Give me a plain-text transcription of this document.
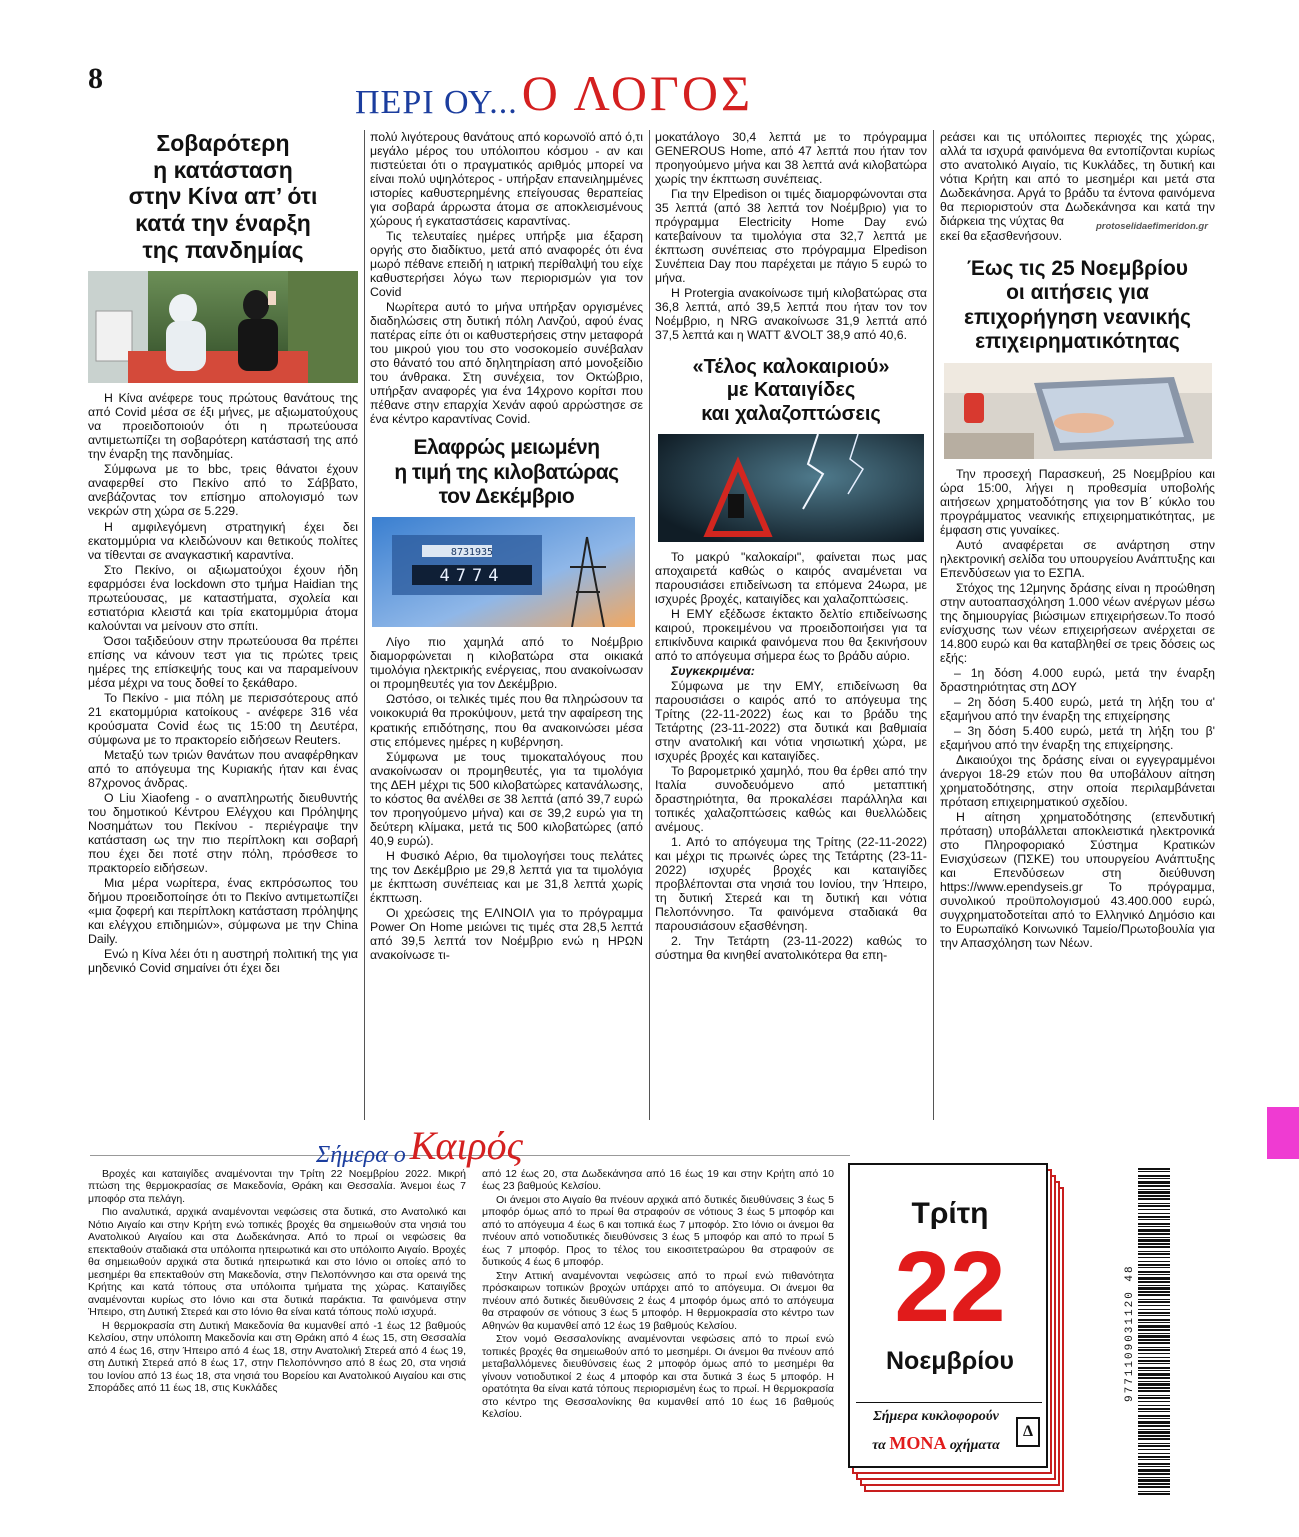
8
ΠΕΡΙ ΟΥ... Ο ΛΟΓΟΣ
protoselidaefimeridon.gr
Σοβαρότερη
η κατάσταση
στην Κίνα απ’ ότι
κατά την έναρξη
της πανδημίας

Η Κίνα ανέφερε τους πρώτους θανάτους της από Covid μέσα σε έξι μήνες, με αξιωματούχους να προειδοποιούν ότι η πρωτεύουσα αντιμετωπίζει τη σοβαρότερη κατάστασή της από την έναρξη της πανδημίας.

Σύμφωνα με το bbc, τρεις θάνατοι έχουν αναφερθεί στο Πεκίνο από το Σάββατο, ανεβάζοντας τον επίσημο απολογισμό των νεκρών στη χώρα σε 5.229.

Η αμφιλεγόμενη στρατηγική έχει δει εκατομμύρια να κλειδώνουν και θετικούς πολίτες να τίθενται σε αναγκαστική καραντίνα.

Στο Πεκίνο, οι αξιωματούχοι έχουν ήδη εφαρμόσει ένα lockdown στο τμήμα Haidian της πρωτεύουσας, με καταστήματα, σχολεία και εστιατόρια κλειστά και τρία εκατομμύρια άτομα καλούνται να μείνουν στο σπίτι.

Όσοι ταξιδεύουν στην πρωτεύουσα θα πρέπει επίσης να κάνουν τεστ για τις πρώτες τρεις ημέρες της επίσκεψής τους και να παραμείνουν μέσα μέχρι να τους δοθεί το ξεκάθαρο.

Το Πεκίνο - μια πόλη με περισσότερους από 21 εκατομμύρια κατοίκους - ανέφερε 316 νέα κρούσματα Covid έως τις 15:00 τη Δευτέρα, σύμφωνα με το πρακτορείο ειδήσεων Reuters.

Μεταξύ των τριών θανάτων που αναφέρθηκαν από το απόγευμα της Κυριακής ήταν και ένας 87χρονος άνδρας.

Ο Liu Xiaofeng - ο αναπληρωτής διευθυντής του δημοτικού Κέντρου Ελέγχου και Πρόληψης Νοσημάτων του Πεκίνου - περιέγραψε την κατάσταση ως την πιο περίπλοκη και σοβαρή που έχει δει ποτέ στην πόλη, πρόσθεσε το πρακτορείο ειδήσεων.

Μια μέρα νωρίτερα, ένας εκπρόσωπος του δήμου προειδοποίησε ότι το Πεκίνο αντιμετωπίζει «μια ζοφερή και περίπλοκη κατάσταση πρόληψης και ελέγχου επιδημιών», σύμφωνα με την China Daily.

Ενώ η Κίνα λέει ότι η αυστηρή πολιτική της για μηδενικό Covid σημαίνει ότι έχει δει

πολύ λιγότερους θανάτους από κορωνοϊό από ό,τι μεγάλο μέρος του υπόλοιπου κόσμου - αν και πιστεύεται ότι ο πραγματικός αριθμός μπορεί να είναι πολύ υψηλότερος - υπήρξαν επανειλημμένες ιστορίες καθυστερημένης επείγουσας θεραπείας για σοβαρά άρρωστα άτομα σε αποκλεισμένους χώρους ή εγκαταστάσεις καραντίνας.

Τις τελευταίες ημέρες υπήρξε μια έξαρση οργής στο διαδίκτυο, μετά από αναφορές ότι ένα μωρό πέθανε επειδή η ιατρική περίθαλψή του είχε καθυστερήσει λόγω των περιορισμών για τον Covid

Νωρίτερα αυτό το μήνα υπήρξαν οργισμένες διαδηλώσεις στη δυτική πόλη Λανζού, αφού ένας πατέρας είπε ότι οι καθυστερήσεις στην μεταφορά του μικρού γιου του στο νοσοκομείο συνέβαλαν στο θάνατό του από δηλητηρίαση από μονοξείδιο του άνθρακα. Στη συνέχεια, τον Οκτώβριο, υπήρξαν αναφορές για ένα 14χρονο κορίτσι που πέθανε στην επαρχία Χενάν αφού αρρώστησε σε ένα κέντρο καραντίνας Covid.

Ελαφρώς μειωμένη
η τιμή της κιλοβατώρας
τον Δεκέμβριο
8731935
4774

Λίγο πιο χαμηλά από το Νοέμβριο διαμορφώνεται η κιλοβατώρα στα οικιακά τιμολόγια ηλεκτρικής ενέργειας, που ανακοίνωσαν οι προμηθευτές για τον Δεκέμβριο.

Ωστόσο, οι τελικές τιμές που θα πληρώσουν τα νοικοκυριά θα προκύψουν, μετά την αφαίρεση της κρατικής επιδότησης, που θα ανακοινώσει μέσα στις επόμενες ημέρες η κυβέρνηση.

Σύμφωνα με τους τιμοκαταλόγους που ανακοίνωσαν οι προμηθευτές, για τα τιμολόγια της ΔΕΗ μέχρι τις 500 κιλοβατώρες κατανάλωσης, το κόστος θα ανέλθει σε 38 λεπτά (από 39,7 ευρώ τον προηγούμενο μήνα) και σε 39,2 ευρώ για τη δεύτερη κλίμακα, μετά τις 500 κιλοβατώρες (από 40,9 ευρώ).

Η Φυσικό Αέριο, θα τιμολογήσει τους πελάτες της τον Δεκέμβριο με 29,8 λεπτά για τα τιμολόγια με έκπτωση συνέπειας και με 31,8 λεπτά χωρίς έκπτωση.

Οι χρεώσεις της ΕΛΙΝΟΙΛ για το πρόγραμμα Power On Home μειώνει τις τιμές στα 28,5 λεπτά από 39,5 λεπτά τον Νοέμβριο ενώ η ΗΡΩΝ ανακοίνωσε τι-

μοκατάλογο 30,4 λεπτά με το πρόγραμμα GENEROUS Home, από 47 λεπτά που ήταν τον προηγούμενο μήνα και 38 λεπτά ανά κιλοβατώρα χωρίς την έκπτωση συνέπειας.

Για την Elpedison οι τιμές διαμορφώνονται στα 35 λεπτά (από 38 λεπτά τον Νοέμβριο) για το πρόγραμμα Electricity Home Day ενώ κατεβαίνουν τα τιμολόγια στα 32,7 λεπτά με έκπτωση συνέπειας στο πρόγραμμα Elpedison Συνέπεια Day που παρέχεται με πάγιο 5 ευρώ το μήνα.

Η Protergia ανακοίνωσε τιμή κιλοβατώρας στα 36,8 λεπτά, από 39,5 λεπτά που ήταν τον τον Νοέμβριο, η NRG ανακοίνωσε 31,9 λεπτά από 37,5 λεπτά και η WATT &VOLT 38,9 από 40,6.

«Τέλος καλοκαιριού»
με Καταιγίδες
και χαλαζοπτώσεις

Το μακρύ "καλοκαίρι", φαίνεται πως μας αποχαιρετά καθώς ο καιρός αναμένεται να παρουσιάσει επιδείνωση τα επόμενα 24ωρα, με ισχυρές βροχές, καταιγίδες και χαλαζοπτώσεις.

Η ΕΜΥ εξέδωσε έκτακτο δελτίο επιδείνωσης καιρού, προκειμένου να προειδοποιήσει για τα επικίνδυνα καιρικά φαινόμενα που θα ξεκινήσουν από το απόγευμα σήμερα έως το βράδυ αύριο.

Συγκεκριμένα:

Σύμφωνα με την ΕΜΥ, επιδείνωση θα παρουσιάσει ο καιρός από το απόγευμα της Τρίτης (22-11-2022) έως και το βράδυ της Τετάρτης (23-11-2022) στα δυτικά και βαθμιαία στην ανατολική και νότια νησιωτική χώρα, με ισχυρές βροχές και καταιγίδες.

Το βαρομετρικό χαμηλό, που θα έρθει από την Ιταλία συνοδευόμενο από μεταπτική δραστηριότητα, θα προκαλέσει παράλληλα και τοπικές χαλαζοπτώσεις καθώς και θυελλώδεις ανέμους.

1. Από το απόγευμα της Τρίτης (22-11-2022) και μέχρι τις πρωινές ώρες της Τετάρτης (23-11-2022) ισχυρές βροχές και καταιγίδες προβλέπονται στα νησιά του Ιονίου, την Ήπειρο, τη δυτική Στερεά και τη δυτική και νότια Πελοπόννησο. Τα φαινόμενα σταδιακά θα παρουσιάσουν εξασθένηση.

2. Την Τετάρτη (23-11-2022) καθώς το σύστημα θα κινηθεί ανατολικότερα θα επη-

ρεάσει και τις υπόλοιπες περιοχές της χώρας, αλλά τα ισχυρά φαινόμενα θα εντοπίζονται κυρίως στο ανατολικό Αιγαίο, τις Κυκλάδες, τη δυτική και νότια Κρήτη και από το μεσημέρι και μετά στα Δωδεκάνησα. Αργά το βράδυ τα έντονα φαινόμενα θα περιοριστούν στα Δωδεκάνησα και κατά την διάρκεια της νύχτας θα

εκεί θα εξασθενήσουν.

Έως τις 25 Νοεμβρίου
οι αιτήσεις για
επιχορήγηση νεανικής
επιχειρηματικότητας

Την προσεχή Παρασκευή, 25 Νοεμβρίου και ώρα 15:00, λήγει η προθεσμία υποβολής αιτήσεων χρηματοδότησης για τον Β΄ κύκλο του προγράμματος νεανικής επιχειρηματικότητας, με έμφαση στις γυναίκες.

Αυτό αναφέρεται σε ανάρτηση στην ηλεκτρονική σελίδα του υπουργείου Ανάπτυξης και Επενδύσεων για το ΕΣΠΑ.

Στόχος της 12μηνης δράσης είναι η προώθηση στην αυτοαπασχόληση 1.000 νέων ανέργων μέσω της δημιουργίας βιώσιμων επιχειρήσεων.Το ποσό ενίσχυσης των νέων επιχειρήσεων ανέρχεται σε 14.800 ευρώ και θα καταβληθεί σε τρεις δόσεις ως εξής:

– 1η δόση 4.000 ευρώ, μετά την έναρξη δραστηριότητας στη ΔΟΥ

– 2η δόση 5.400 ευρώ, μετά τη λήξη του α' εξαμήνου από την έναρξη της επιχείρησης

– 3η δόση 5.400 ευρώ, μετά τη λήξη του β' εξαμήνου από την έναρξη της επιχείρησης.

Δικαιούχοι της δράσης είναι οι εγγεγραμμένοι άνεργοι 18-29 ετών που θα υποβάλουν αίτηση χρηματοδότησης, στην οποία περιλαμβάνεται πρόταση επιχειρηματικού σχεδίου.

Η αίτηση χρηματοδότησης (επενδυτική πρόταση) υποβάλλεται αποκλειστικά ηλεκτρονικά στο Πληροφοριακό Σύστημα Κρατικών Ενισχύσεων (ΠΣΚΕ) του υπουργείου Ανάπτυξης και Επενδύσεων στη διεύθυνση https://www.ependyseis.gr Το πρόγραμμα, συνολικού προϋπολογισμού 43.400.000 ευρώ, συγχρηματοδοτείται από το Ελληνικό Δημόσιο και το Ευρωπαϊκό Κοινωνικό Ταμείο/Πρωτοβουλία για την Απασχόληση των Νέων.

Σήμερα ο Καιρός

Βροχές και καταιγίδες αναμένονται την Τρίτη 22 Νοεμβρίου 2022. Μικρή πτώση της θερμοκρασίας σε Μακεδονία, Θράκη και Θεσσαλία. Άνεμοι έως 7 μποφόρ στα πελάγη.

Πιο αναλυτικά, αρχικά αναμένονται νεφώσεις στα δυτικά, στο Ανατολικό και Νότιο Αιγαίο και στην Κρήτη ενώ τοπικές βροχές θα σημειωθούν στα νησιά του Ανατολικού Αιγαίου και στα Δωδεκάνησα. Από το πρωί οι νεφώσεις θα επεκταθούν σταδιακά στα υπόλοιπα ηπειρωτικά και στο υπόλοιπο Αιγαίο. Βροχές θα σημειωθούν αρχικά στα δυτικά ηπειρωτικά και στο Ιόνιο οι οποίες από το μεσημέρι θα επεκταθούν στη Μακεδονία, στην Πελοπόννησο και στα ορεινά της Κρήτης και κατά τόπους στα υπόλοιπα τμήματα της χώρας. Καταιγίδες αναμένονται κυρίως στο Ιόνιο και στα δυτικά παράκτια. Τα φαινόμενα στην Ήπειρο, στη Δυτική Στερεά και στο Ιόνιο θα είναι κατά τόπους πολύ ισχυρά.

Η θερμοκρασία στη Δυτική Μακεδονία θα κυμανθεί από -1 έως 12 βαθμούς Κελσίου, στην υπόλοιπη Μακεδονία και στη Θράκη από 4 έως 15, στη Θεσσαλία από 4 έως 16, στην Ήπειρο από 4 έως 18, στην Ανατολική Στερεά από 4 έως 19, στη Δυτική Στερεά από 8 έως 17, στην Πελοπόννησο από 8 έως 20, στα νησιά του Ιονίου από 13 έως 18, στα νησιά του Βορείου και Ανατολικού Αιγαίου και στις Σποράδες από 11 έως 18, στις Κυκλάδες

από 12 έως 20, στα Δωδεκάνησα από 16 έως 19 και στην Κρήτη από 10 έως 23 βαθμούς Κελσίου.

Οι άνεμοι στο Αιγαίο θα πνέουν αρχικά από δυτικές διευθύνσεις 3 έως 5 μποφόρ όμως από το πρωί θα στραφούν σε νότιους 3 έως 5 μποφόρ και από το απόγευμα 4 έως 6 και τοπικά έως 7 μποφόρ. Στο Ιόνιο οι άνεμοι θα πνέουν από νοτιοδυτικές διευθύνσεις 3 έως 5 μποφόρ και από το πρωί 5 έως 7 μποφόρ. Προς το τέλος του εικοσιτετραώρου θα στραφούν σε δυτικούς 4 έως 6 μποφόρ.

Στην Αττική αναμένονται νεφώσεις από το πρωί ενώ πιθανότητα πρόσκαιρων τοπικών βροχών υπάρχει από το απόγευμα. Οι άνεμοι θα πνέουν από δυτικές διευθύνσεις 2 έως 4 μποφόρ όμως από το απόγευμα θα στραφούν σε νότιους 3 έως 5 μποφόρ. Η θερμοκρασία στο κέντρο των Αθηνών θα κυμανθεί από 12 έως 19 βαθμούς Κελσίου.

Στον νομό Θεσσαλονίκης αναμένονται νεφώσεις από το πρωί ενώ τοπικές βροχές θα σημειωθούν από το μεσημέρι. Οι άνεμοι θα πνέουν από μεταβαλλόμενες διευθύνσεις έως 2 μποφόρ όμως από το μεσημέρι θα γίνουν νοτιοδυτικοί 2 έως 4 μποφόρ και στα δυτικά 3 έως 5 μποφόρ. Η ορατότητα θα είναι κατά τόπους περιορισμένη έως το πρωί. Η θερμοκρασία στο κέντρο της Θεσσαλονίκης θα κυμανθεί από 10 έως 16 βαθμούς Κελσίου.

Τρίτη
22
Νοεμβρίου
Σήμερα κυκλοφορούν
τα ΜΟΝΑ οχήματα
Δ
9771109031120 48
